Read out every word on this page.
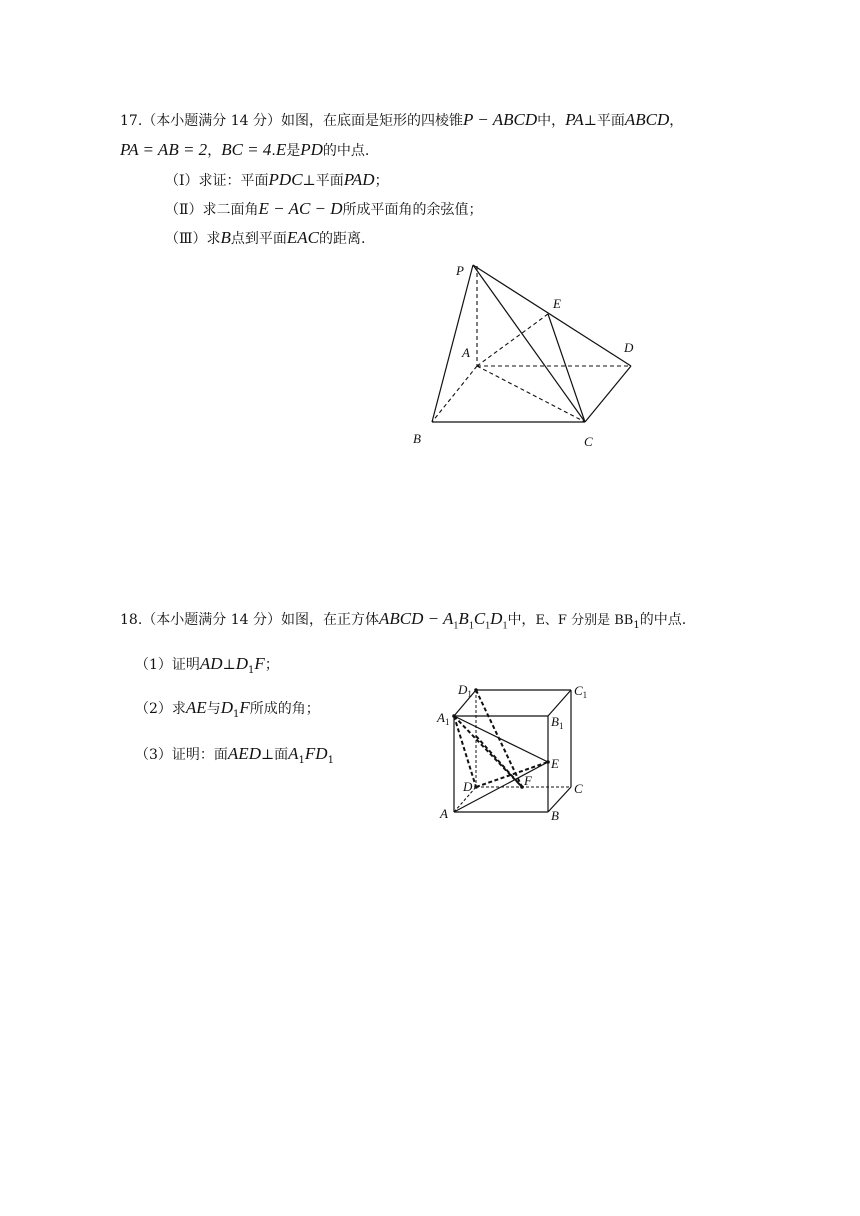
17.（本小题满分 14 分）如图，在底面是矩形的四棱锥P − ABCD中，PA⊥平面ABCD，
PA = AB = 2，BC = 4.E是PD的中点.
（Ⅰ）求证：平面PDC⊥平面PAD；
（Ⅱ）求二面角E − AC − D所成平面角的余弦值；
（Ⅲ）求B点到平面EAC的距离.
P
E
A	D
B	C
18.（本小题满分 14 分）如图，在正方体ABCD − $A_1B_1C_1D_1$中，E、F 分别是 $BB_1$的中点.
（1）证明$AD\perp D_1F$；
（2）求AE与$D_1F$所成的角；
（3）证明：面AED⊥面$A_1FD_1$
$D_1$	$C_1$
$A_1$	$B_1$
E
D	F
C
A	B
